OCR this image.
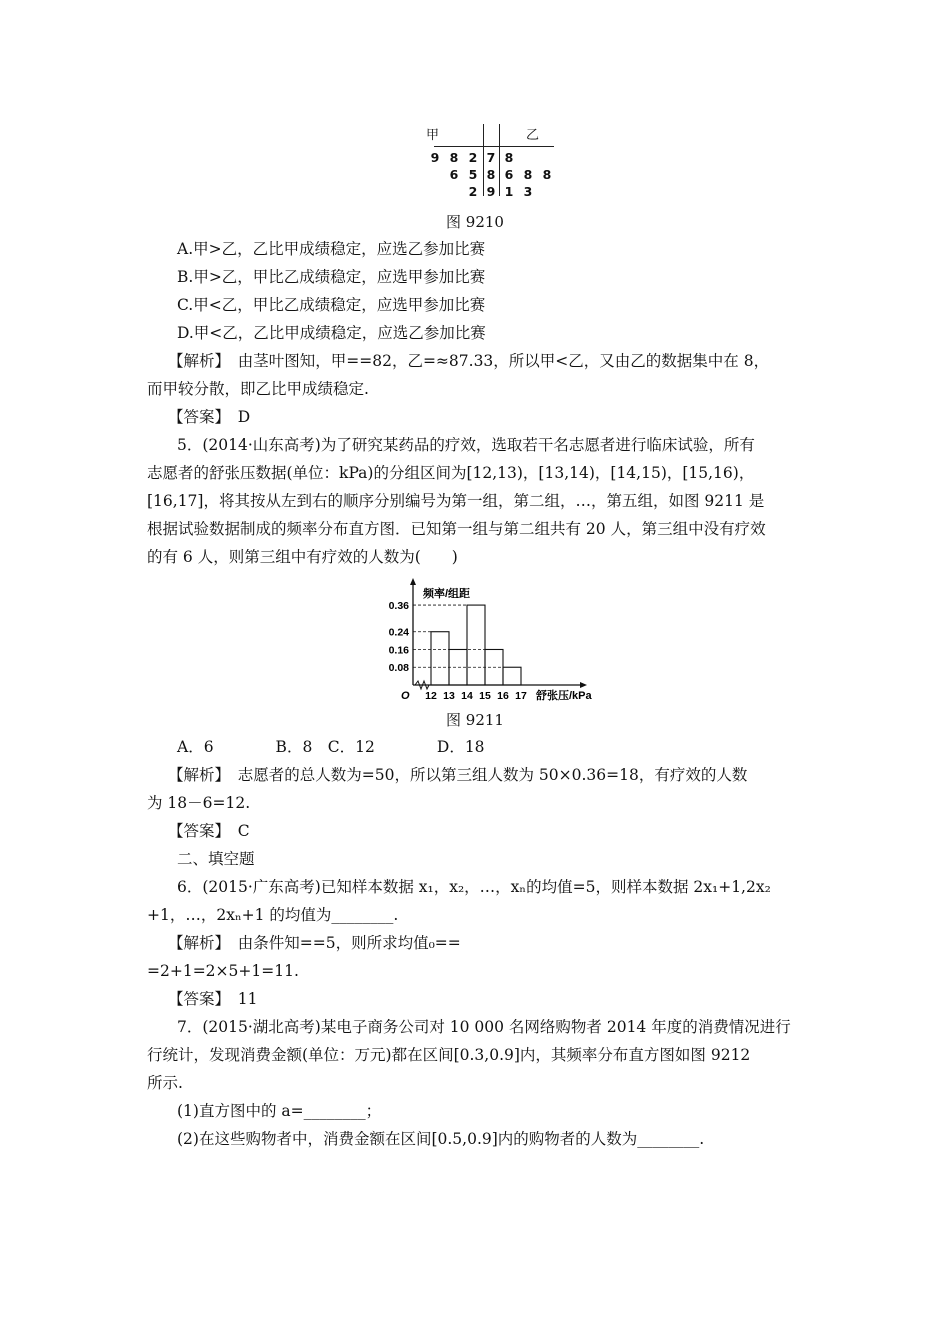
甲	乙
9 8 2 7 8
6 5 8 6 8 8
2 9 1 3
图 9210
A.甲>乙，乙比甲成绩稳定，应选乙参加比赛
B.甲>乙，甲比乙成绩稳定，应选甲参加比赛
C.甲<乙，甲比乙成绩稳定，应选甲参加比赛
D.甲<乙，乙比甲成绩稳定，应选乙参加比赛
【解析】　由茎叶图知，甲==82，乙=≈87.33，所以甲<乙，又由乙的数据集中在 8，
而甲较分散，即乙比甲成绩稳定.
【答案】　D
5．(2014·山东高考)为了研究某药品的疗效，选取若干名志愿者进行临床试验，所有
志愿者的舒张压数据(单位：kPa)的分组区间为[12,13)，[13,14)，[14,15)，[15,16)，
[16,17]，将其按从左到右的顺序分别编号为第一组，第二组，…，第五组，如图 9211 是
根据试验数据制成的频率分布直方图．已知第一组与第二组共有 20 人，第三组中没有疗效
的有 6 人，则第三组中有疗效的人数为(　　)
频率/组距
舒张压/kPa
O
0.36
0.24
0.16
0.08
12 13 14 15 16 17
图 9211
A．6　　　　B．8　C．12　　　　D．18
【解析】　志愿者的总人数为=50，所以第三组人数为 50×0.36=18，有疗效的人数
为 18－6=12.
【答案】　C
二、填空题
6．(2015·广东高考)已知样本数据 x₁，x₂，…，xₙ的均值=5，则样本数据 2x₁+1,2x₂
+1，…，2xₙ+1 的均值为________.
【解析】　由条件知==5，则所求均值₀==
=2+1=2×5+1=11.
【答案】　11
7．(2015·湖北高考)某电子商务公司对 10 000 名网络购物者 2014 年度的消费情况进行
行统计，发现消费金额(单位：万元)都在区间[0.3,0.9]内，其频率分布直方图如图 9212
所示.
(1)直方图中的 a=________；
(2)在这些购物者中，消费金额在区间[0.5,0.9]内的购物者的人数为________.
